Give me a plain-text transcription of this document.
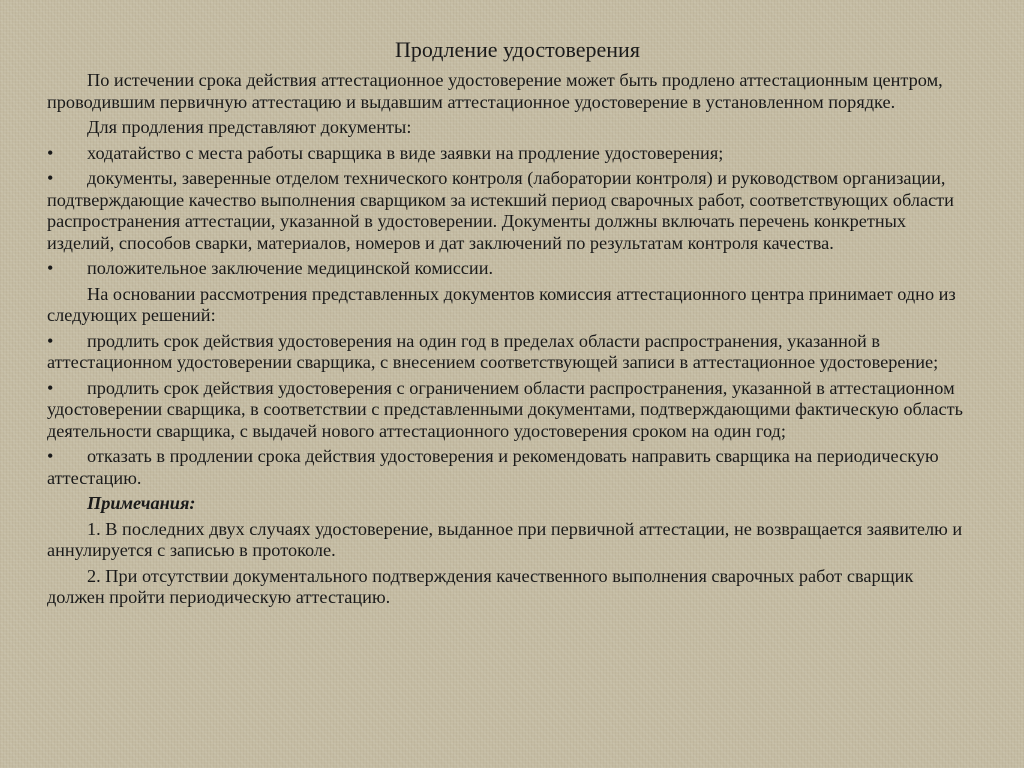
Продление удостоверения
По истечении срока действия аттестационное удостоверение может быть продлено аттестационным центром, проводившим первичную аттестацию и выдавшим аттестационное удостоверение в установленном порядке.
Для продления представляют документы:
• ходатайство с места работы сварщика в виде заявки на продление удостоверения;
• документы, заверенные отделом технического контроля (лаборатории контроля) и руководством организации, подтверждающие качество выполнения сварщиком за истекший период сварочных работ, соответствующих области распространения аттестации, указанной в удостоверении. Документы должны включать перечень конкретных изделий, способов сварки, материалов, номеров и дат заключений по результатам контроля качества.
• положительное заключение медицинской комиссии.
На основании рассмотрения представленных документов комиссия аттестационного центра принимает одно из следующих решений:
• продлить срок действия удостоверения на один год в пределах области распространения, указанной в аттестационном удостоверении сварщика, с внесением соответствующей записи в аттестационное удостоверение;
• продлить срок действия удостоверения с ограничением области распространения, указанной в аттестационном удостоверении сварщика, в соответствии с представленными документами, подтверждающими фактическую область деятельности сварщика, с выдачей нового аттестационного удостоверения сроком на один год;
• отказать в продлении срока действия удостоверения и рекомендовать направить сварщика на периодическую аттестацию.
Примечания:
1. В последних двух случаях удостоверение, выданное при первичной аттестации, не возвращается заявителю и аннулируется с записью в протоколе.
2. При отсутствии документального подтверждения качественного выполнения сварочных работ сварщик должен пройти периодическую аттестацию.
